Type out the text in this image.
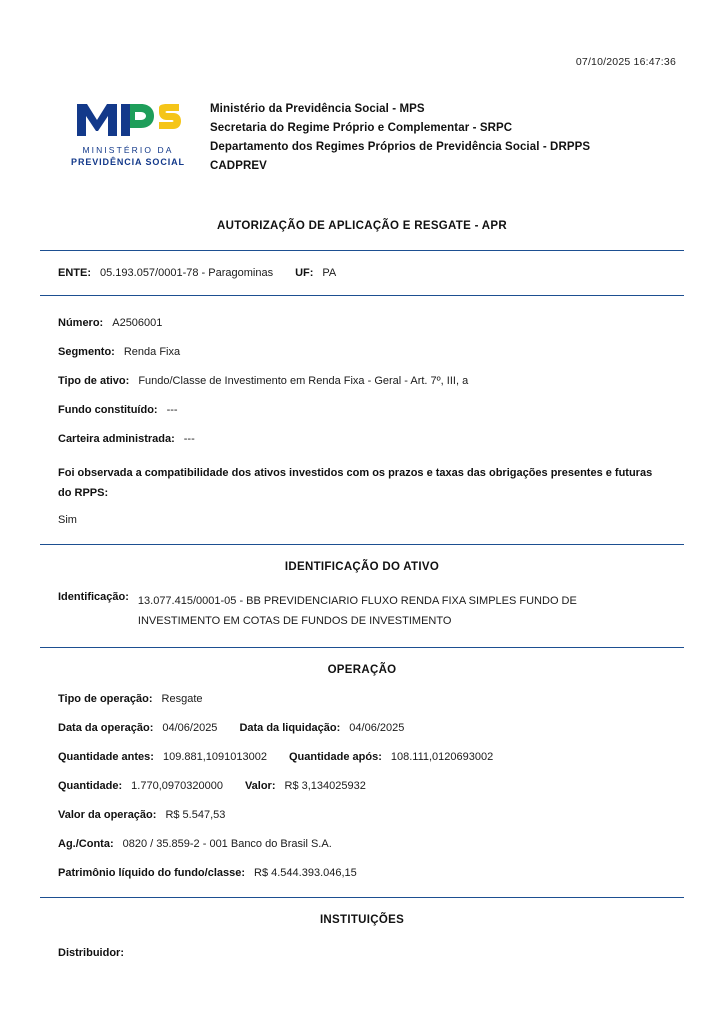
07/10/2025 16:47:36
MINISTÉRIO DA
PREVIDÊNCIA SOCIAL
Ministério da Previdência Social - MPS
Secretaria do Regime Próprio e Complementar - SRPC
Departamento dos Regimes Próprios de Previdência Social - DRPPS
CADPREV
AUTORIZAÇÃO DE APLICAÇÃO E RESGATE - APR
ENTE: 05.193.057/0001-78 - Paragominas UF: PA
Número: A2506001
Segmento: Renda Fixa
Tipo de ativo: Fundo/Classe de Investimento em Renda Fixa - Geral - Art. 7º, III, a
Fundo constituído: ---
Carteira administrada: ---
Foi observada a compatibilidade dos ativos investidos com os prazos e taxas das obrigações presentes e futuras do RPPS:
Sim
IDENTIFICAÇÃO DO ATIVO
Identificação: 13.077.415/0001-05 - BB PREVIDENCIARIO FLUXO RENDA FIXA SIMPLES FUNDO DE INVESTIMENTO EM COTAS DE FUNDOS DE INVESTIMENTO
OPERAÇÃO
Tipo de operação: Resgate
Data da operação: 04/06/2025 Data da liquidação: 04/06/2025
Quantidade antes: 109.881,1091013002 Quantidade após: 108.111,0120693002
Quantidade: 1.770,0970320000 Valor: R$ 3,134025932
Valor da operação: R$ 5.547,53
Ag./Conta: 0820 / 35.859-2 - 001 Banco do Brasil S.A.
Patrimônio líquido do fundo/classe: R$ 4.544.393.046,15
INSTITUIÇÕES
Distribuidor:
